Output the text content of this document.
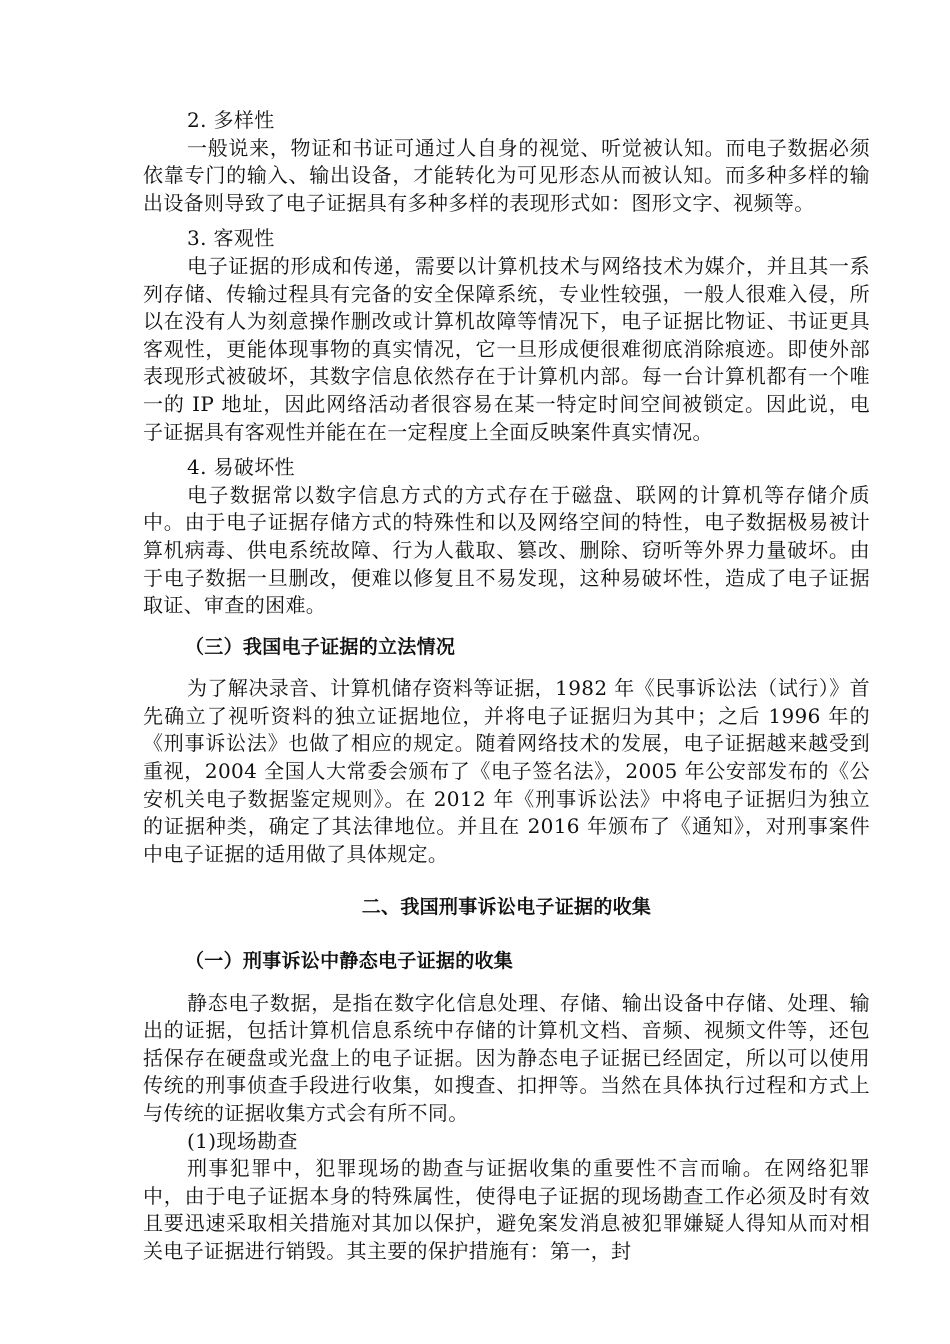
2. 多样性

一般说来，物证和书证可通过人自身的视觉、听觉被认知。而电子数据必须依靠专门的输入、输出设备，才能转化为可见形态从而被认知。而多种多样的输出设备则导致了电子证据具有多种多样的表现形式如：图形文字、视频等。

3. 客观性

电子证据的形成和传递，需要以计算机技术与网络技术为媒介，并且其一系列存储、传输过程具有完备的安全保障系统，专业性较强，一般人很难入侵，所以在没有人为刻意操作删改或计算机故障等情况下，电子证据比物证、书证更具客观性，更能体现事物的真实情况，它一旦形成便很难彻底消除痕迹。即使外部表现形式被破坏，其数字信息依然存在于计算机内部。每一台计算机都有一个唯一的 IP 地址，因此网络活动者很容易在某一特定时间空间被锁定。因此说，电子证据具有客观性并能在在一定程度上全面反映案件真实情况。

4. 易破坏性

电子数据常以数字信息方式的方式存在于磁盘、联网的计算机等存储介质中。由于电子证据存储方式的特殊性和以及网络空间的特性，电子数据极易被计算机病毒、供电系统故障、行为人截取、篡改、删除、窃听等外界力量破坏。由于电子数据一旦删改，便难以修复且不易发现，这种易破坏性，造成了电子证据取证、审查的困难。

（三）我国电子证据的立法情况

为了解决录音、计算机储存资料等证据，1982 年《民事诉讼法（试行）》首先确立了视听资料的独立证据地位，并将电子证据归为其中；之后 1996 年的《刑事诉讼法》也做了相应的规定。随着网络技术的发展，电子证据越来越受到重视，2004 全国人大常委会颁布了《电子签名法》，2005 年公安部发布的《公安机关电子数据鉴定规则》。在 2012 年《刑事诉讼法》中将电子证据归为独立的证据种类，确定了其法律地位。并且在 2016 年颁布了《通知》，对刑事案件中电子证据的适用做了具体规定。

二、我国刑事诉讼电子证据的收集

（一）刑事诉讼中静态电子证据的收集

静态电子数据，是指在数字化信息处理、存储、输出设备中存储、处理、输出的证据，包括计算机信息系统中存储的计算机文档、音频、视频文件等，还包括保存在硬盘或光盘上的电子证据。因为静态电子证据已经固定，所以可以使用传统的刑事侦查手段进行收集，如搜查、扣押等。当然在具体执行过程和方式上与传统的证据收集方式会有所不同。

(1)现场勘查

刑事犯罪中，犯罪现场的勘查与证据收集的重要性不言而喻。在网络犯罪中，由于电子证据本身的特殊属性，使得电子证据的现场勘查工作必须及时有效且要迅速采取相关措施对其加以保护，避免案发消息被犯罪嫌疑人得知从而对相关电子证据进行销毁。其主要的保护措施有：第一，封
